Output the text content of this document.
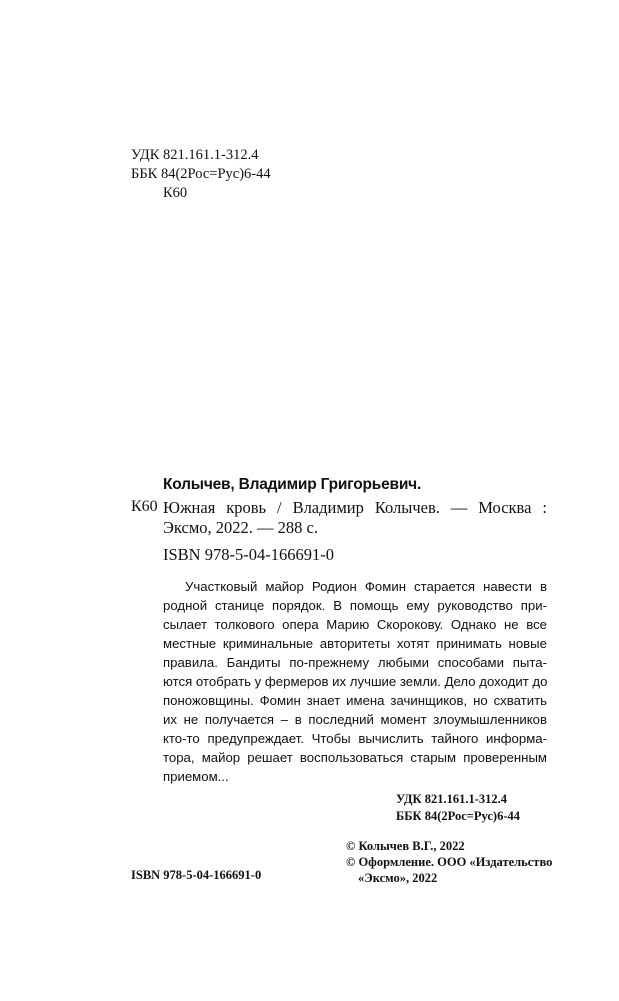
УДК 821.161.1-312.4
ББК 84(2Рос=Рус)6-44
К60
Колычев, Владимир Григорьевич.
К60 Южная кровь / Владимир Колычев. — Москва :
Эксмо, 2022. — 288 с.
ISBN 978-5-04-166691-0
Участковый майор Родион Фомин старается навести в
родной станице порядок. В помощь ему руководство при-
сылает толкового опера Марию Скорокову. Однако не все
местные криминальные авторитеты хотят принимать новые
правила. Бандиты по-прежнему любыми способами пыта-
ются отобрать у фермеров их лучшие земли. Дело доходит до
поножовщины. Фомин знает имена зачинщиков, но схватить
их не получается – в последний момент злоумышленников
кто-то предупреждает. Чтобы вычислить тайного информа-
тора, майор решает воспользоваться старым проверенным
приемом...
УДК 821.161.1-312.4
ББК 84(2Рос=Рус)6-44
© Колычев В.Г., 2022
© Оформление. ООО «Издательство
«Эксмо», 2022
ISBN 978-5-04-166691-0
